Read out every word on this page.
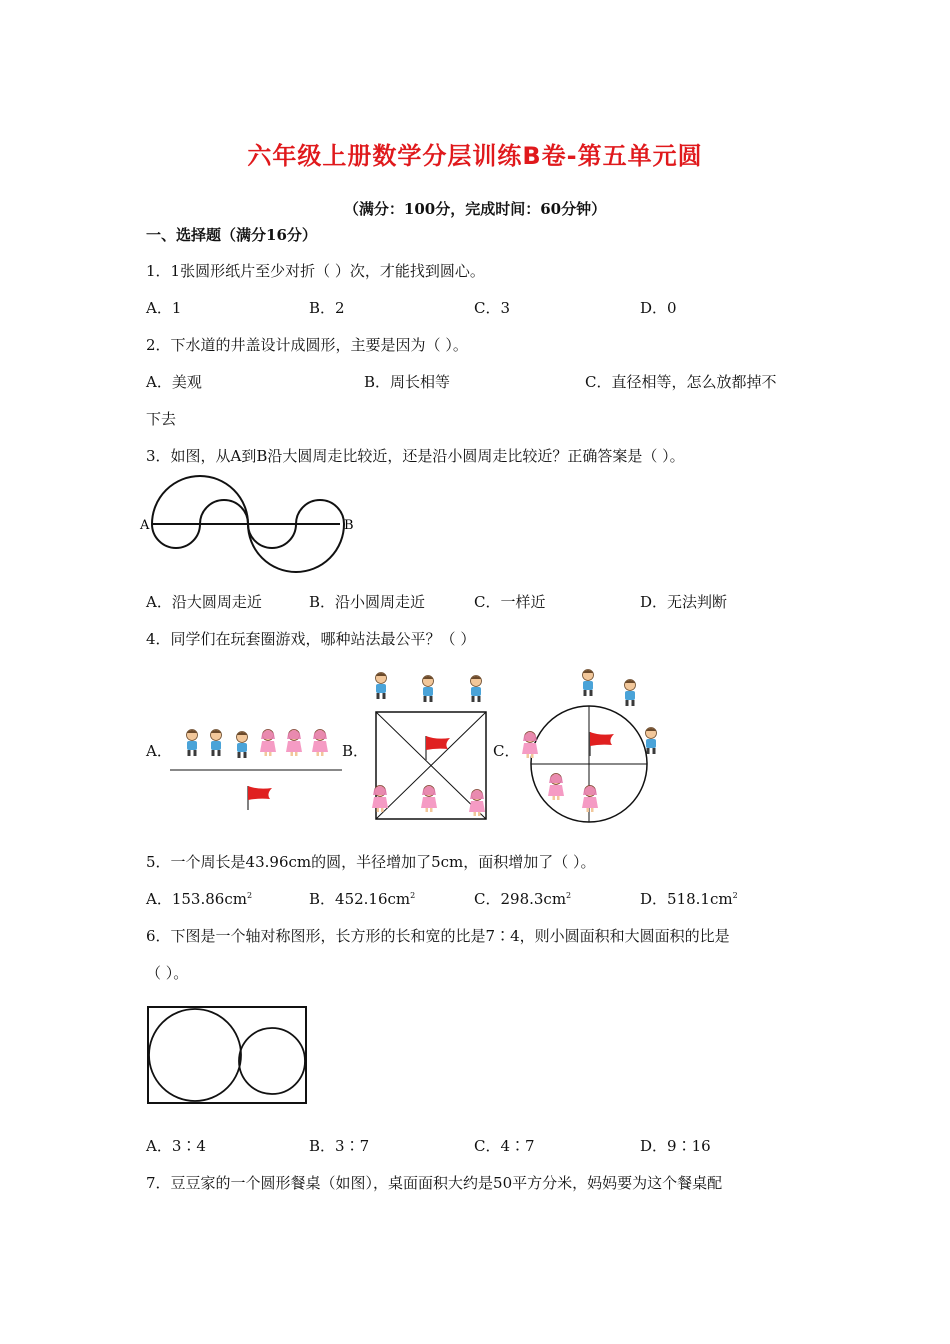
六年级上册数学分层训练B卷-第五单元圆
（满分：100分，完成时间：60分钟）
一、选择题（满分16分）
1．1张圆形纸片至少对折（ ）次，才能找到圆心。
A．1	B．2	C．3	D．0
2．下水道的井盖设计成圆形，主要是因为（ ）。
A．美观	B．周长相等	C．直径相等，怎么放都掉不
下去
3．如图，从A到B沿大圆周走比较近，还是沿小圆周走比较近？正确答案是（ ）。
A	B
A．沿大圆周走近	B．沿小圆周走近	C．一样近	D．无法判断
4．同学们在玩套圈游戏，哪种站法最公平？（ ）
A．	B．	C．
5．一个周长是43.96cm的圆，半径增加了5cm，面积增加了（ ）。
A．$153.86cm^2$	B．$452.16cm^2$	C．$298.3cm^2$	D．$518.1cm^2$
6．下图是一个轴对称图形，长方形的长和宽的比是7∶4，则小圆面积和大圆面积的比是
（ ）。
A．3∶4	B．3∶7	C．4∶7	D．9∶16
7．豆豆家的一个圆形餐桌（如图），桌面面积大约是50平方分米，妈妈要为这个餐桌配
